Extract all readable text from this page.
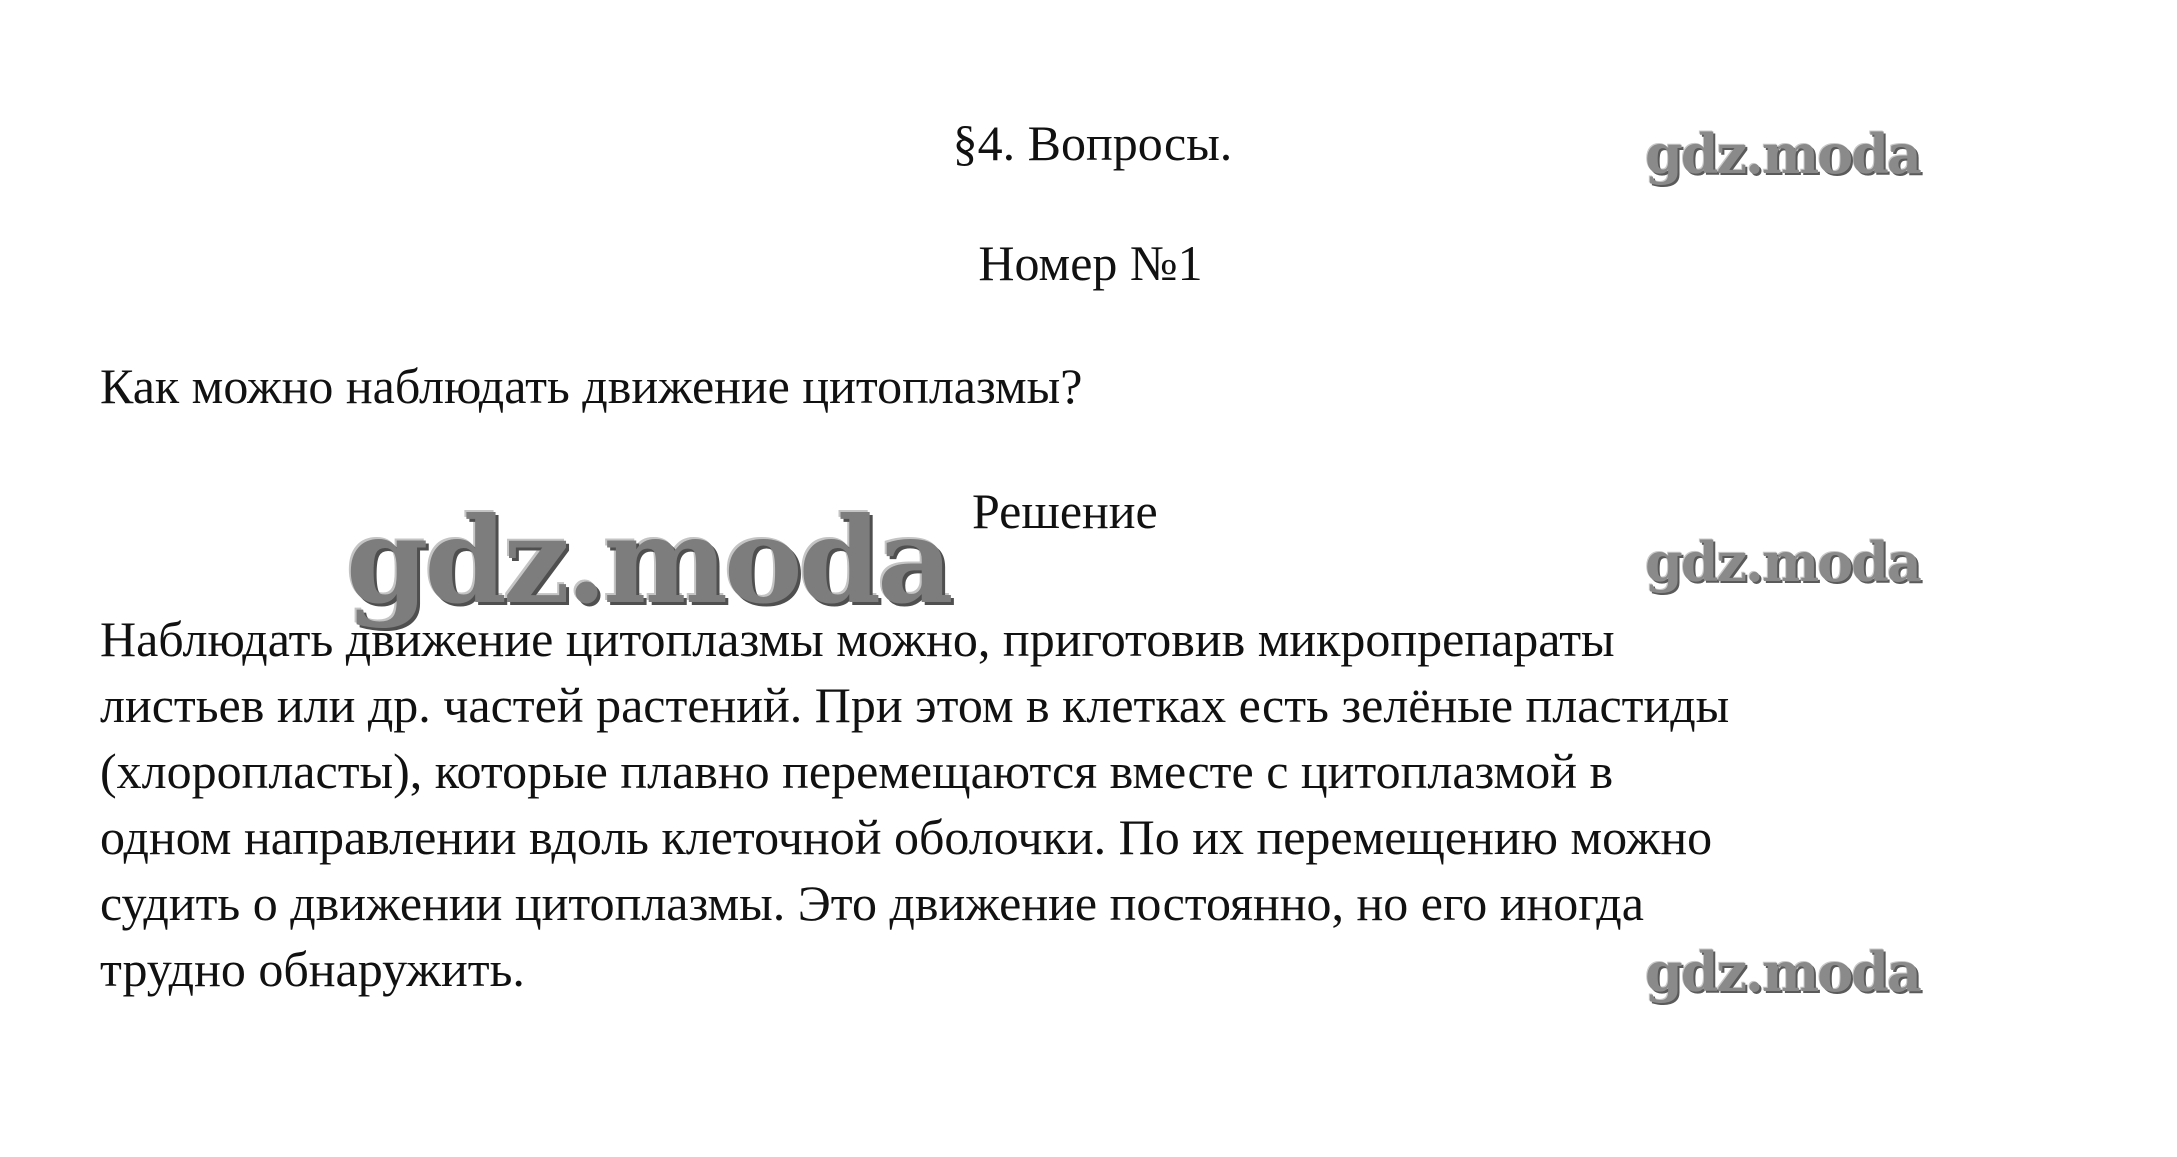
§4. Вопросы.
Номер №1
Как можно наблюдать движение цитоплазмы?
gdz.moda Решение
Наблюдать движение цитоплазмы можно, приготовив микропрепараты
листьев или др. частей растений. При этом в клетках есть зелёные пластиды
(хлоропласты), которые плавно перемещаются вместе с цитоплазмой в
одном направлении вдоль клеточной оболочки. По их перемещению можно
судить о движении цитоплазмы. Это движение постоянно, но его иногда
трудно обнаружить.
gdz.moda
gdz.moda
gdz.moda
